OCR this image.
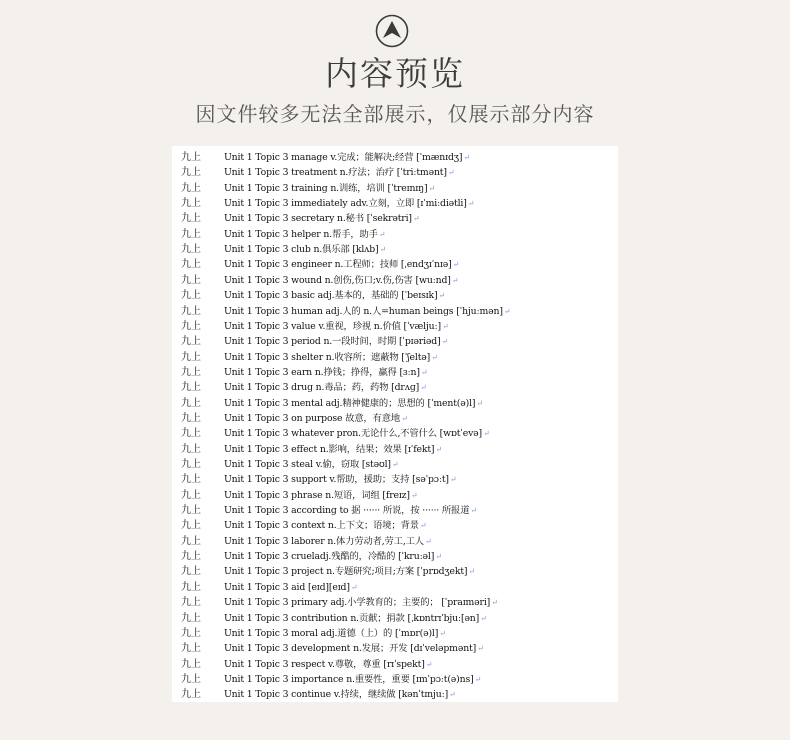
内容预览
因文件较多无法全部展示，仅展示部分内容
九上 Unit 1 Topic 3 manage v.完成；能解决;经营 [ˈmænɪdʒ]↵
九上 Unit 1 Topic 3 treatment n.疗法；治疗 [ˈtriːtmənt]↵
九上 Unit 1 Topic 3 training n.训练，培训 [ˈtreɪnɪŋ]↵
九上 Unit 1 Topic 3 immediately adv.立刻，立即 [ɪˈmiːdiətli]↵
九上 Unit 1 Topic 3 secretary n.秘书 [ˈsekrətri]↵
九上 Unit 1 Topic 3 helper n.帮手，助手↵
九上 Unit 1 Topic 3 club n.俱乐部 [klʌb]↵
九上 Unit 1 Topic 3 engineer n.工程师；技师 [ˌendʒɪˈnɪə]↵
九上 Unit 1 Topic 3 wound n.创伤,伤口;v.伤,伤害 [wuːnd]↵
九上 Unit 1 Topic 3 basic adj.基本的，基础的 [ˈbeɪsɪk]↵
九上 Unit 1 Topic 3 human adj.人的 n.人=human beings [ˈhjuːmən]↵
九上 Unit 1 Topic 3 value v.重视，珍视 n.价值 [ˈvæljuː]↵
九上 Unit 1 Topic 3 period n.一段时间，时期 [ˈpɪəriəd]↵
九上 Unit 1 Topic 3 shelter n.收容所；遮蔽物 [ˈʃeltə]↵
九上 Unit 1 Topic 3 earn n.挣钱；挣得，赢得 [ɜːn]↵
九上 Unit 1 Topic 3 drug n.毒品；药，药物 [drʌɡ]↵
九上 Unit 1 Topic 3 mental adj.精神健康的；思想的 [ˈment(ə)l]↵
九上 Unit 1 Topic 3 on purpose 故意，有意地↵
九上 Unit 1 Topic 3 whatever pron.无论什么,不管什么 [wɒtˈevə]↵
九上 Unit 1 Topic 3 effect n.影响，结果；效果 [ɪˈfekt]↵
九上 Unit 1 Topic 3 steal v.偷，窃取 [stəʊl]↵
九上 Unit 1 Topic 3 support v.帮助，援助；支持 [səˈpɔːt]↵
九上 Unit 1 Topic 3 phrase n.短语，词组 [freɪz]↵
九上 Unit 1 Topic 3 according to 据 ······ 所说，按 ······ 所报道↵
九上 Unit 1 Topic 3 context n.上下文；语境；背景↵
九上 Unit 1 Topic 3 laborer n.体力劳动者,劳工,工人↵
九上 Unit 1 Topic 3 crueladj.残酷的，冷酷的 [ˈkruːəl]↵
九上 Unit 1 Topic 3 project n.专题研究;项目;方案 [ˈprɒdʒekt]↵
九上 Unit 1 Topic 3 aid [eɪd][eɪd]↵
九上 Unit 1 Topic 3 primary adj.小学教育的；主要的； [ˈpraɪməri]↵
九上 Unit 1 Topic 3 contribution n.贡献；捐款 [ˌkɒntrɪˈbjuː[ən]↵
九上 Unit 1 Topic 3 moral adj.道德（上）的 [ˈmɒr(ə)l]↵
九上 Unit 1 Topic 3 development n.发展；开发 [dɪˈveləpmənt]↵
九上 Unit 1 Topic 3 respect v.尊敬，尊重 [rɪˈspekt]↵
九上 Unit 1 Topic 3 importance n.重要性，重要 [ɪmˈpɔːt(ə)ns]↵
九上 Unit 1 Topic 3 continue v.持续，继续做 [kənˈtɪnjuː]↵
